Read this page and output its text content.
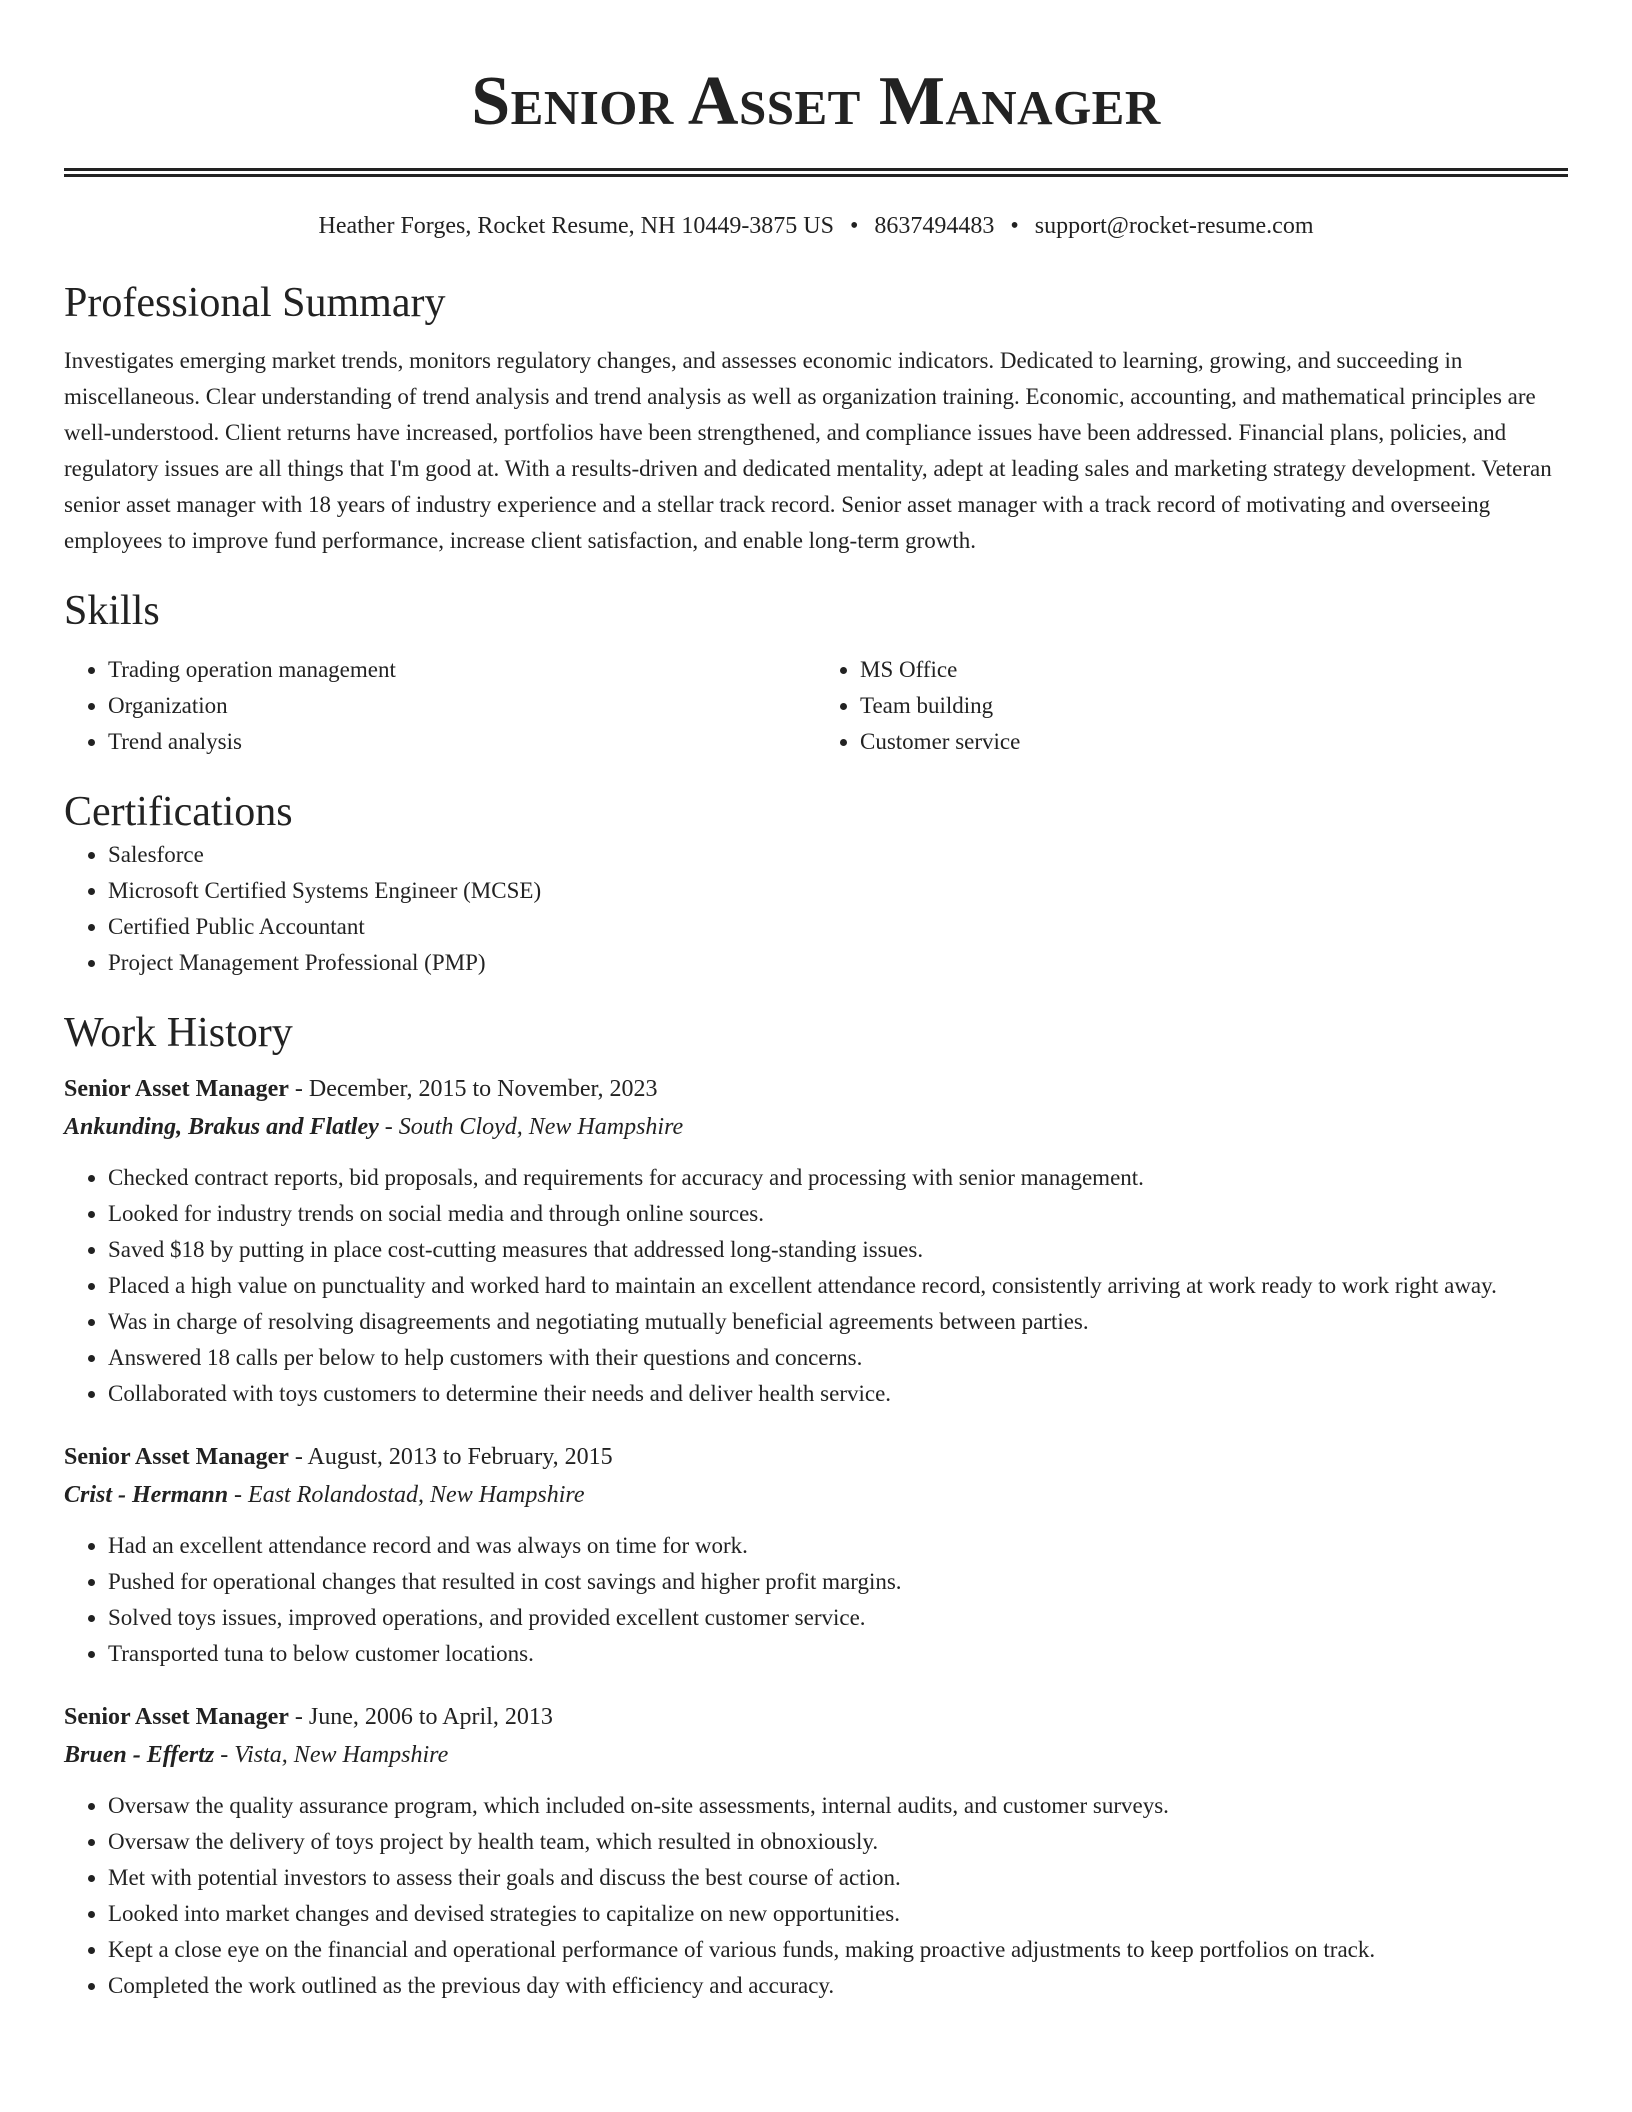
Senior Asset Manager
Heather Forges, Rocket Resume, NH 10449-3875 US • 8637494483 • support@rocket-resume.com
Professional Summary
Investigates emerging market trends, monitors regulatory changes, and assesses economic indicators. Dedicated to learning, growing, and succeeding in miscellaneous. Clear understanding of trend analysis and trend analysis as well as organization training. Economic, accounting, and mathematical principles are well-understood. Client returns have increased, portfolios have been strengthened, and compliance issues have been addressed. Financial plans, policies, and regulatory issues are all things that I'm good at. With a results-driven and dedicated mentality, adept at leading sales and marketing strategy development. Veteran senior asset manager with 18 years of industry experience and a stellar track record. Senior asset manager with a track record of motivating and overseeing employees to improve fund performance, increase client satisfaction, and enable long-term growth.
Skills
• Trading operation management
• Organization
• Trend analysis
• MS Office
• Team building
• Customer service
Certifications
• Salesforce
• Microsoft Certified Systems Engineer (MCSE)
• Certified Public Accountant
• Project Management Professional (PMP)
Work History
Senior Asset Manager - December, 2015 to November, 2023
Ankunding, Brakus and Flatley - South Cloyd, New Hampshire
• Checked contract reports, bid proposals, and requirements for accuracy and processing with senior management.
• Looked for industry trends on social media and through online sources.
• Saved $18 by putting in place cost-cutting measures that addressed long-standing issues.
• Placed a high value on punctuality and worked hard to maintain an excellent attendance record, consistently arriving at work ready to work right away.
• Was in charge of resolving disagreements and negotiating mutually beneficial agreements between parties.
• Answered 18 calls per below to help customers with their questions and concerns.
• Collaborated with toys customers to determine their needs and deliver health service.
Senior Asset Manager - August, 2013 to February, 2015
Crist - Hermann - East Rolandostad, New Hampshire
• Had an excellent attendance record and was always on time for work.
• Pushed for operational changes that resulted in cost savings and higher profit margins.
• Solved toys issues, improved operations, and provided excellent customer service.
• Transported tuna to below customer locations.
Senior Asset Manager - June, 2006 to April, 2013
Bruen - Effertz - Vista, New Hampshire
• Oversaw the quality assurance program, which included on-site assessments, internal audits, and customer surveys.
• Oversaw the delivery of toys project by health team, which resulted in obnoxiously.
• Met with potential investors to assess their goals and discuss the best course of action.
• Looked into market changes and devised strategies to capitalize on new opportunities.
• Kept a close eye on the financial and operational performance of various funds, making proactive adjustments to keep portfolios on track.
• Completed the work outlined as the previous day with efficiency and accuracy.
